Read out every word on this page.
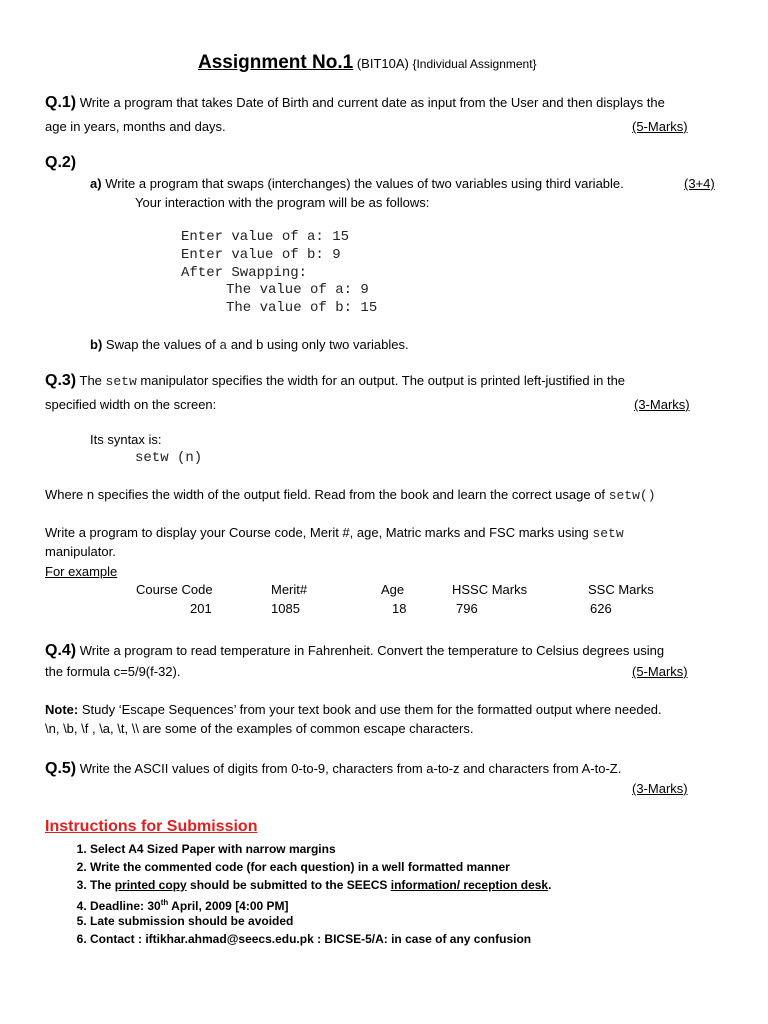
Assignment No.1 (BIT10A) {Individual Assignment}
Q.1) Write a program that takes Date of Birth and current date as input from the User and then displays the
age in years, months and days.	(5-Marks)
Q.2)
a) Write a program that swaps (interchanges) the values of two variables using third variable.	(3+4)
Your interaction with the program will be as follows:
Enter value of a: 15
Enter value of b: 9
After Swapping:
The value of a: 9
The value of b: 15
b) Swap the values of a and b using only two variables.
Q.3) The setw manipulator specifies the width for an output. The output is printed left-justified in the
specified width on the screen:	(3-Marks)
Its syntax is:
setw (n)
Where n specifies the width of the output field. Read from the book and learn the correct usage of setw()
Write a program to display your Course code, Merit #, age, Matric marks and FSC marks using setw
manipulator.
For example
Course Code	Merit#	Age	HSSC Marks	SSC Marks
201	1085	18	796	626
Q.4) Write a program to read temperature in Fahrenheit. Convert the temperature to Celsius degrees using
the formula c=5/9(f-32).	(5-Marks)
Note: Study ‘Escape Sequences’ from your text book and use them for the formatted output where needed.
\n, \b, \f , \a, \t, \\ are some of the examples of common escape characters.
Q.5) Write the ASCII values of digits from 0-to-9, characters from a-to-z and characters from A-to-Z.
(3-Marks)
Instructions for Submission
1. Select A4 Sized Paper with narrow margins
2. Write the commented code (for each question) in a well formatted manner
3. The printed copy should be submitted to the SEECS information/ reception desk.
4. Deadline: 30th April, 2009 [4:00 PM]
5. Late submission should be avoided
6. Contact : iftikhar.ahmad@seecs.edu.pk : BICSE-5/A: in case of any confusion
